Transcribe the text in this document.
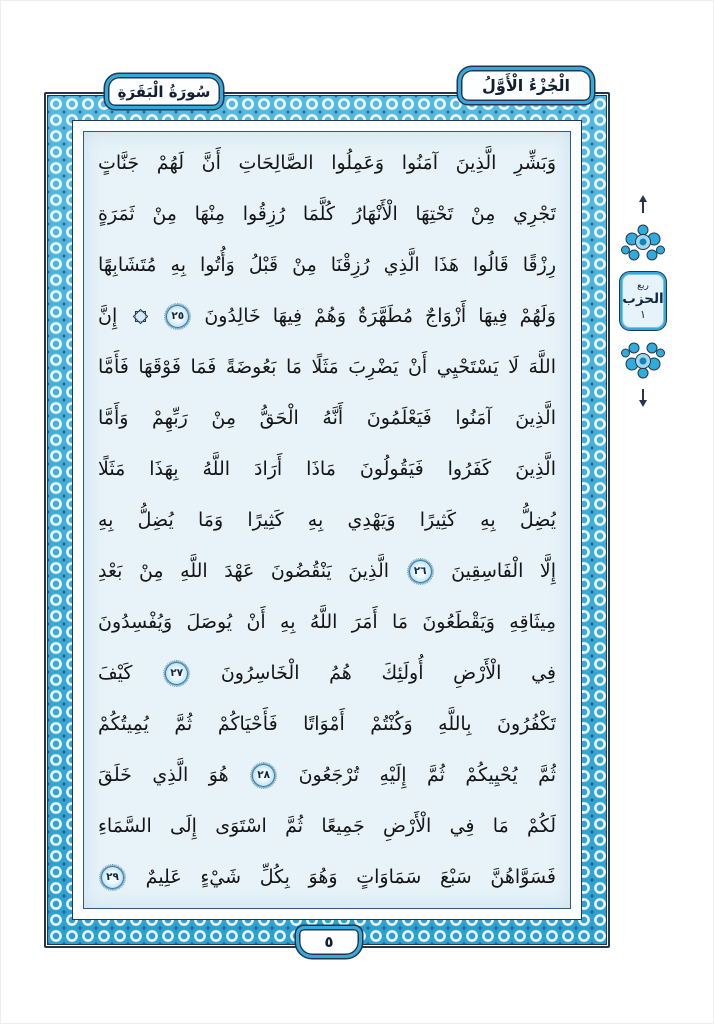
وَبَشِّرِ الَّذِينَ آمَنُوا وَعَمِلُوا الصَّالِحَاتِ أَنَّ لَهُمْ جَنَّاتٍ
تَجْرِي مِنْ تَحْتِهَا الْأَنْهَارُ كُلَّمَا رُزِقُوا مِنْهَا مِنْ ثَمَرَةٍ
رِزْقًا قَالُوا هَذَا الَّذِي رُزِقْنَا مِنْ قَبْلُ وَأُتُوا بِهِ مُتَشَابِهًا
وَلَهُمْ فِيهَا أَزْوَاجٌ مُطَهَّرَةٌ وَهُمْ فِيهَا خَالِدُونَ
٢٥

إِنَّ
اللَّهَ لَا يَسْتَحْيِي أَنْ يَضْرِبَ مَثَلًا مَا بَعُوضَةً فَمَا فَوْقَهَا فَأَمَّا
الَّذِينَ آمَنُوا فَيَعْلَمُونَ أَنَّهُ الْحَقُّ مِنْ رَبِّهِمْ وَأَمَّا
الَّذِينَ كَفَرُوا فَيَقُولُونَ مَاذَا أَرَادَ اللَّهُ بِهَذَا مَثَلًا
يُضِلُّ بِهِ كَثِيرًا وَيَهْدِي بِهِ كَثِيرًا وَمَا يُضِلُّ بِهِ
إِلَّا الْفَاسِقِينَ
٢٦
الَّذِينَ يَنْقُضُونَ عَهْدَ اللَّهِ مِنْ بَعْدِ
مِيثَاقِهِ وَيَقْطَعُونَ مَا أَمَرَ اللَّهُ بِهِ أَنْ يُوصَلَ وَيُفْسِدُونَ
فِي الْأَرْضِ أُولَئِكَ هُمُ الْخَاسِرُونَ
٢٧
كَيْفَ
تَكْفُرُونَ بِاللَّهِ وَكُنْتُمْ أَمْوَاتًا فَأَحْيَاكُمْ ثُمَّ يُمِيتُكُمْ
ثُمَّ يُحْيِيكُمْ ثُمَّ إِلَيْهِ تُرْجَعُونَ
٢٨
هُوَ الَّذِي خَلَقَ
لَكُمْ مَا فِي الْأَرْضِ جَمِيعًا ثُمَّ اسْتَوَى إِلَى السَّمَاءِ
فَسَوَّاهُنَّ سَبْعَ سَمَاوَاتٍ وَهُوَ بِكُلِّ شَيْءٍ عَلِيمٌ
٢٩
سُورَةُ الْبَقَرَةِ	الْجُزْءُ الْأَوَّلُ
٥
ربع
الحزب
١
